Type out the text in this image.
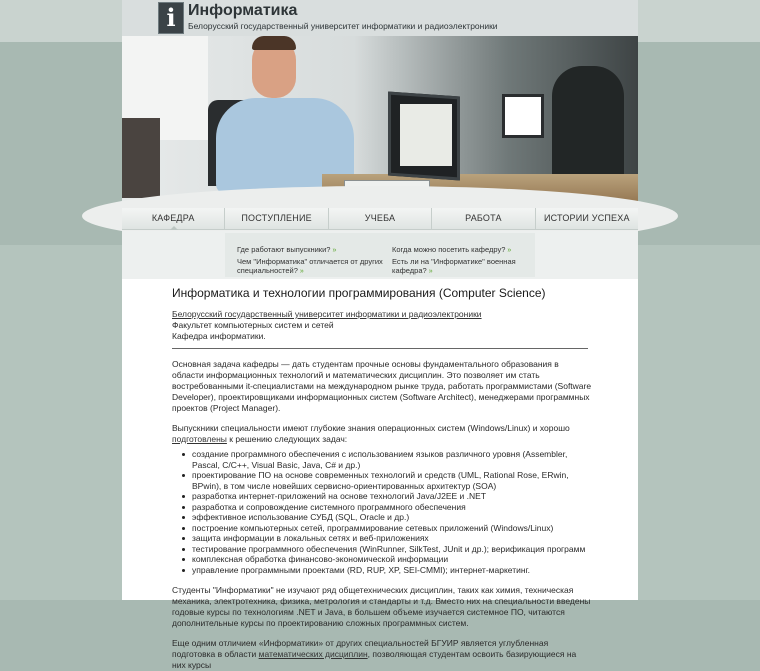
i Информатика
Белорусский государственный университет информатики и радиоэлектроники
КАФЕДРА	ПОСТУПЛЕНИЕ	УЧЕБА	РАБОТА	ИСТОРИИ УСПЕХА
Где работают выпускники? »
Чем "Информатика" отличается от других специальностей? »
Когда можно посетить кафедру? »
Есть ли на "Информатике" военная кафедра? »
Информатика и технологии программирования (Computer Science)
Белорусский государственный университет информатики и радиоэлектроники
Факультет компьютерных систем и сетей
Кафедра информатики.

Основная задача кафедры — дать студентам прочные основы фундаментального образования в области информационных технологий и математических дисциплин. Это позволяет им стать востребованными it-специалистами на международном рынке труда, работать программистами (Software Developer), проектировщиками информационных систем (Software Architect), менеджерами программных проектов (Project Manager).

Выпускники специальности имеют глубокие знания операционных систем (Windows/Linux) и хорошо подготовлены к решению следующих задач:

создание программного обеспечения с использованием языков различного уровня (Assembler, Pascal, C/C++, Visual Basic, Java, C# и др.)
проектирование ПО на основе современных технологий и средств (UML, Rational Rose, ERwin, BPwin), в том числе новейших сервисно-ориентированных архитектур (SOA)
разработка интернет-приложений на основе технологий Java/J2EE и .NET
разработка и сопровождение системного программного обеспечения
эффективное использование СУБД (SQL, Oracle и др.)
построение компьютерных сетей, программирование сетевых приложений (Windows/Linux)
защита информации в локальных сетях и веб-приложениях
тестирование программного обеспечения (WinRunner, SilkTest, JUnit и др.); верификация программ
комплексная обработка финансово-экономической информации
управление программными проектами (RD, RUP, XP, SEI-CMMI); интернет-маркетинг.

Студенты "Информатики" не изучают ряд общетехнических дисциплин, таких как химия, техническая механика, электротехника, физика, метрология и стандарты и т.д. Вместо них на специальности введены годовые курсы по технологиям .NET и Java, в большем объеме изучается системное ПО, читаются дополнительные курсы по проектированию сложных программных систем.

Еще одним отличием «Информатики» от других специальностей БГУИР является углубленная подготовка в области математических дисциплин, позволяющая студентам освоить базирующиеся на них курсы
